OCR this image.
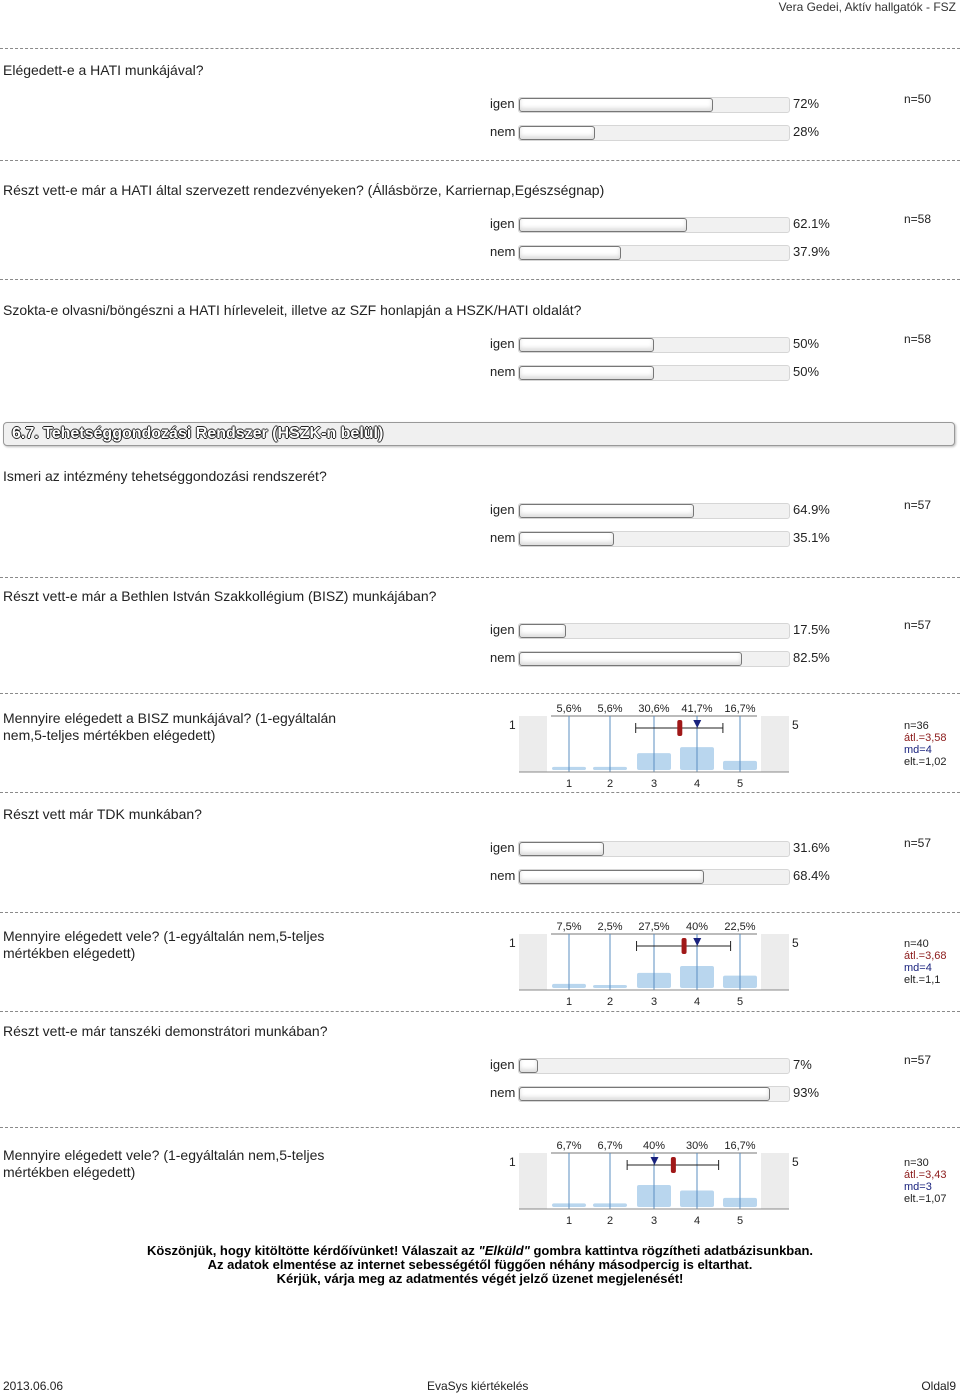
Vera Gedei, Aktív hallgatók - FSZ
Elégedett-e a HATI munkájával?
n=50
igen	72%
nem	28%
Részt vett-e már a HATI által szervezett rendezvényeken? (Állásbörze, Karriernap,Egészségnap)
n=58
igen	62.1%
nem	37.9%
Szokta-e olvasni/böngészni a HATI hírleveleit, illetve az SZF honlapján a HSZK/HATI oldalát?
n=58
igen	50%
nem	50%
6.7. Tehetséggondozási Rendszer (HSZK-n belül)
Ismeri az intézmény tehetséggondozási rendszerét?
n=57
igen	64.9%
nem	35.1%
Részt vett-e már a Bethlen István Szakkollégium (BISZ) munkájában?
n=57
igen	17.5%
nem	82.5%
Mennyire elégedett a BISZ munkájával? (1-egyáltalán nem,5-teljes mértékben elégedett)
1	5
5,6%
1
5,6%
2
30,6%
3
41,7%
4
16,7%
5
n=36
átl.=3,58
md=4
elt.=1,02
Részt vett már TDK munkában?
n=57
igen	31.6%
nem	68.4%
Mennyire elégedett vele? (1-egyáltalán nem,5-teljes mértékben elégedett)
1	5
7,5%
1
2,5%
2
27,5%
3
40%
4
22,5%
5
n=40
átl.=3,68
md=4
elt.=1,1
Részt vett-e már tanszéki demonstrátori munkában?
n=57
igen	7%
nem	93%
Mennyire elégedett vele? (1-egyáltalán nem,5-teljes mértékben elégedett)
1	5
6,7%
1
6,7%
2
40%
3
30%
4
16,7%
5
n=30
átl.=3,43
md=3
elt.=1,07
Köszönjük, hogy kitöltötte kérdőívünket! Válaszait az "Elküld" gombra kattintva rögzítheti adatbázisunkban.
Az adatok elmentése az internet sebességétől függően néhány másodpercig is eltarthat.
Kérjük, várja meg az adatmentés végét jelző üzenet megjelenését!
2013.06.06	EvaSys kiértékelés	Oldal9
